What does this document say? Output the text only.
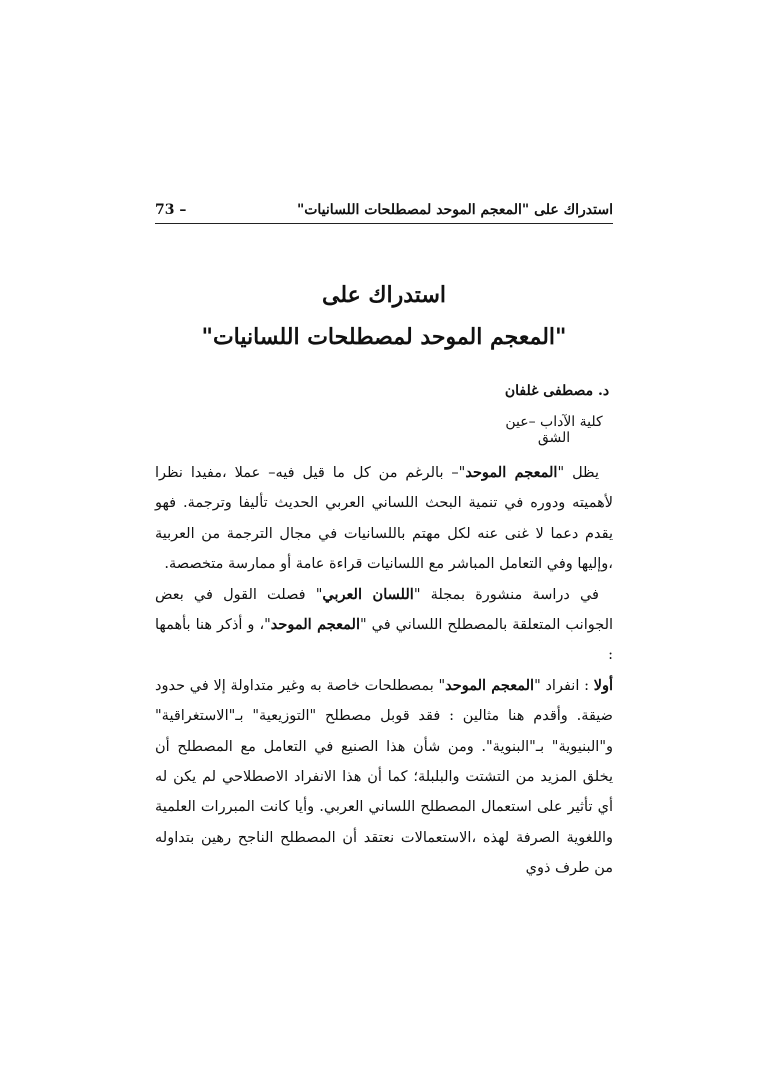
استدراك على "المعجم الموحد لمصطلحات اللسانيات"
– 73
استدراك على
"المعجم الموحد لمصطلحات اللسانيات"
د. مصطفى غلفان
كلية الآداب –عين الشق

يظل "المعجم الموحد"– بالرغم من كل ما قيل فيه– عملا ،مفيدا نظرا لأهميته ودوره في تنمية البحث اللساني العربي الحديث تأليفا وترجمة. فهو يقدم دعما لا غنى عنه لكل مهتم باللسانيات في مجال الترجمة من العربية ،وإليها وفي التعامل المباشر مع اللسانيات قراءة عامة أو ممارسة متخصصة.

في دراسة منشورة بمجلة "اللسان العربي" فصلت القول في بعض الجوانب المتعلقة بالمصطلح اللساني في "المعجم الموحد"، و أذكر هنا بأهمها :

أولا : انفراد "المعجم الموحد" بمصطلحات خاصة به وغير متداولة إلا في حدود ضيقة. وأقدم هنا مثالين : فقد قوبل مصطلح "التوزيعية" بـ"الاستغراقية" و"البنيوية" بـ"البنوية". ومن شأن هذا الصنيع في التعامل مع المصطلح أن يخلق المزيد من التشتت والبلبلة؛ كما أن هذا الانفراد الاصطلاحي لم يكن له أي تأثير على استعمال المصطلح اللساني العربي. وأيا كانت المبررات العلمية واللغوية الصرفة لهذه ،الاستعمالات نعتقد أن المصطلح الناجح رهين بتداوله من طرف ذوي
